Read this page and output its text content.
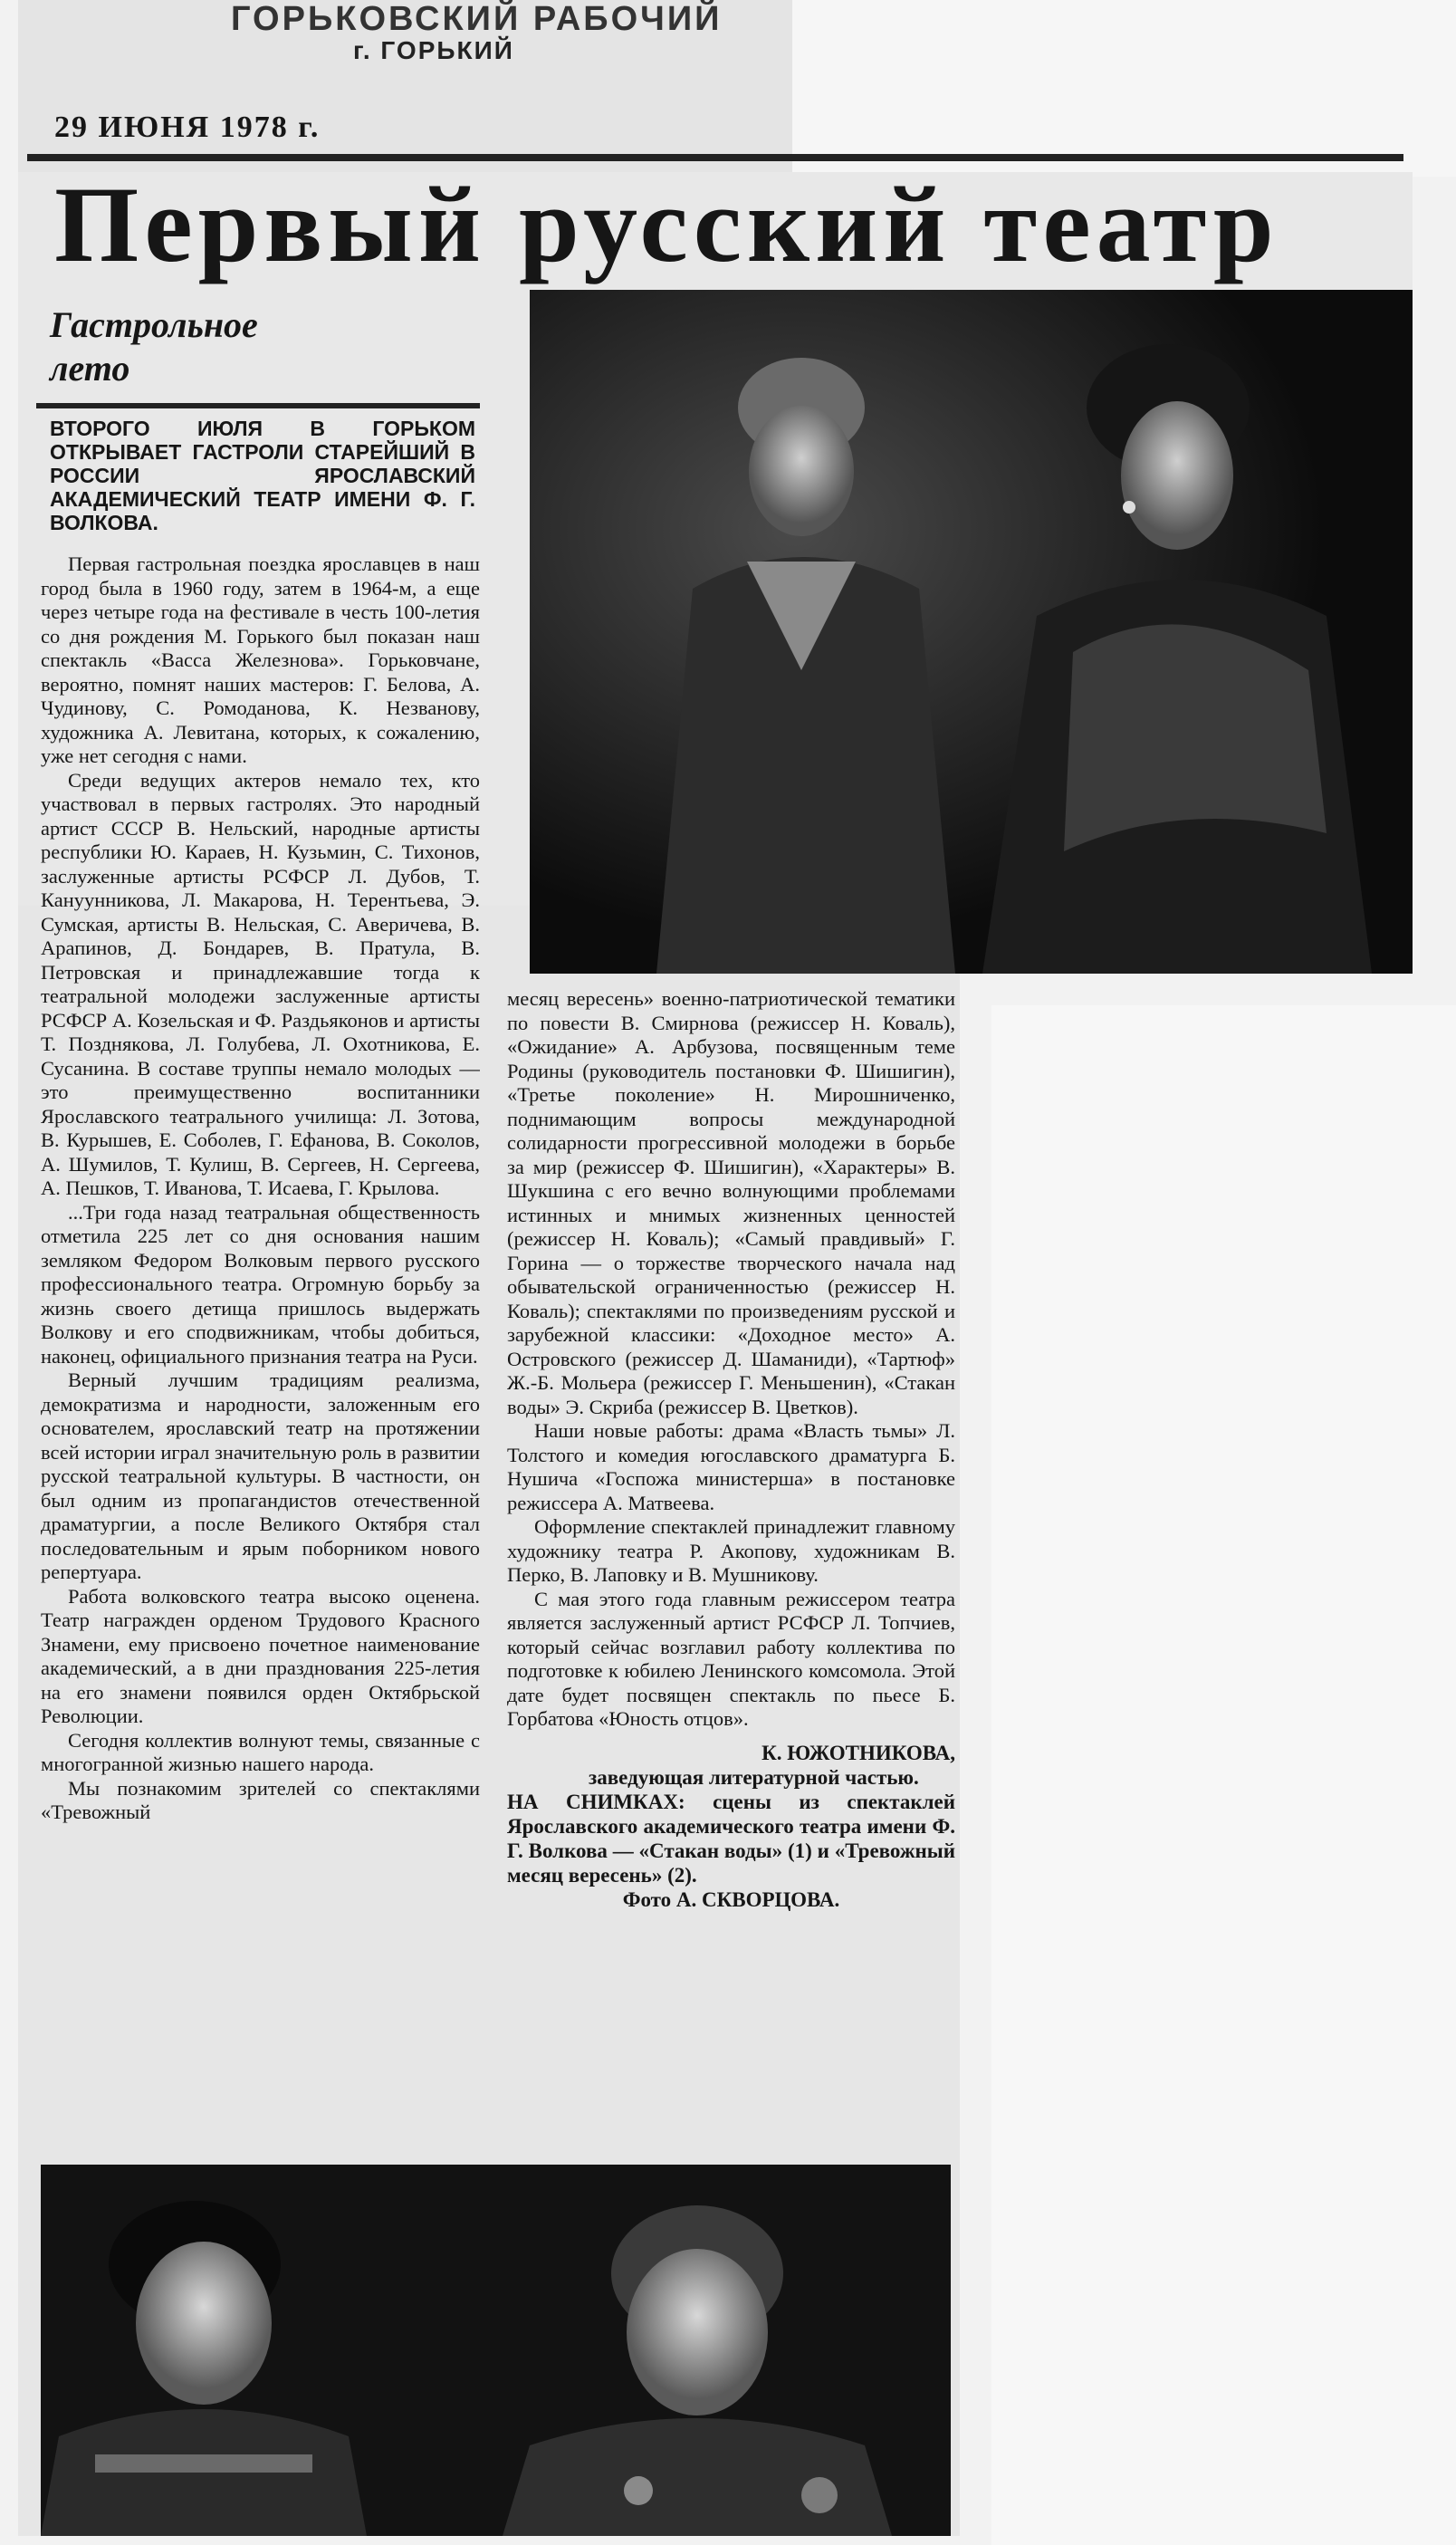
ГОРЬКОВСКИЙ РАБОЧИЙ
г. ГОРЬКИЙ
29 ИЮНЯ 1978 г.
Первый русский театр
Гастрольное лето
ВТОРОГО ИЮЛЯ В ГОРЬКОМ ОТКРЫВАЕТ ГАСТРОЛИ СТАРЕЙШИЙ В РОССИИ ЯРОСЛАВСКИЙ АКАДЕМИЧЕСКИЙ ТЕАТР ИМЕНИ Ф. Г. ВОЛКОВА.

Первая гастрольная поездка ярославцев в наш город была в 1960 году, затем в 1964-м, а еще через четыре года на фестивале в честь 100-летия со дня рождения М. Горького был показан наш спектакль «Васса Железнова». Горьковчане, вероятно, помнят наших мастеров: Г. Белова, А. Чудинову, С. Ромоданова, К. Незванову, художника А. Левитана, которых, к сожалению, уже нет сегодня с нами.

Среди ведущих актеров немало тех, кто участвовал в первых гастролях. Это народный артист СССР В. Нельский, народные артисты республики Ю. Караев, Н. Кузьмин, С. Тихонов, заслуженные артисты РСФСР Л. Дубов, Т. Кануунникова, Л. Макарова, Н. Терентьева, Э. Сумская, артисты В. Нельская, С. Аверичева, В. Арапинов, Д. Бондарев, В. Пратула, В. Петровская и принадлежавшие тогда к театральной молодежи заслуженные артисты РСФСР А. Козельская и Ф. Раздьяконов и артисты Т. Позднякова, Л. Голубева, Л. Охотникова, Е. Сусанина. В составе труппы немало молодых — это преимущественно воспитанники Ярославского театрального училища: Л. Зотова, В. Курышев, Е. Соболев, Г. Ефанова, В. Соколов, А. Шумилов, Т. Кулиш, В. Сергеев, Н. Сергеева, А. Пешков, Т. Иванова, Т. Исаева, Г. Крылова.

...Три года назад театральная общественность отметила 225 лет со дня основания нашим земляком Федором Волковым первого русского профессионального театра. Огромную борьбу за жизнь своего детища пришлось выдержать Волкову и его сподвижникам, чтобы добиться, наконец, официального признания театра на Руси.

Верный лучшим традициям реализма, демократизма и народности, заложенным его основателем, ярославский театр на протяжении всей истории играл значительную роль в развитии русской театральной культуры. В частности, он был одним из пропагандистов отечественной драматургии, а после Великого Октября стал последовательным и ярым поборником нового репертуара.

Работа волковского театра высоко оценена. Театр награжден орденом Трудового Красного Знамени, ему присвоено почетное наименование академический, а в дни празднования 225-летия на его знамени появился орден Октябрьской Революции.

Сегодня коллектив волнуют темы, связанные с многогранной жизнью нашего народа.

Мы познакомим зрителей со спектаклями «Тревожный

месяц вересень» военно-патриотической тематики по повести В. Смирнова (режиссер Н. Коваль), «Ожидание» А. Арбузова, посвященным теме Родины (руководитель постановки Ф. Шишигин), «Третье поколение» Н. Мирошниченко, поднимающим вопросы международной солидарности прогрессивной молодежи в борьбе за мир (режиссер Ф. Шишигин), «Характеры» В. Шукшина с его вечно волнующими проблемами истинных и мнимых жизненных ценностей (режиссер Н. Коваль); «Самый правдивый» Г. Горина — о торжестве творческого начала над обывательской ограниченностью (режиссер Н. Коваль); спектаклями по произведениям русской и зарубежной классики: «Доходное место» А. Островского (режиссер Д. Шаманиди), «Тартюф» Ж.-Б. Мольера (режиссер Г. Меньшенин), «Стакан воды» Э. Скриба (режиссер В. Цветков).

Наши новые работы: драма «Власть тьмы» Л. Толстого и комедия югославского драматурга Б. Нушича «Госпожа министерша» в постановке режиссера А. Матвеева.

Оформление спектаклей принадлежит главному художнику театра Р. Акопову, художникам В. Перко, В. Лаповку и В. Мушникову.

С мая этого года главным режиссером театра является заслуженный артист РСФСР Л. Топчиев, который сейчас возглавил работу коллектива по подготовке к юбилею Ленинского комсомола. Этой дате будет посвящен спектакль по пьесе Б. Горбатова «Юность отцов».

К. ЮЖОТНИКОВА,
заведующая литературной частью.
НА СНИМКАХ: сцены из спектаклей Ярославского академического театра имени Ф. Г. Волкова — «Стакан воды» (1) и «Тревожный месяц вересень» (2).
Фото А. СКВОРЦОВА.
